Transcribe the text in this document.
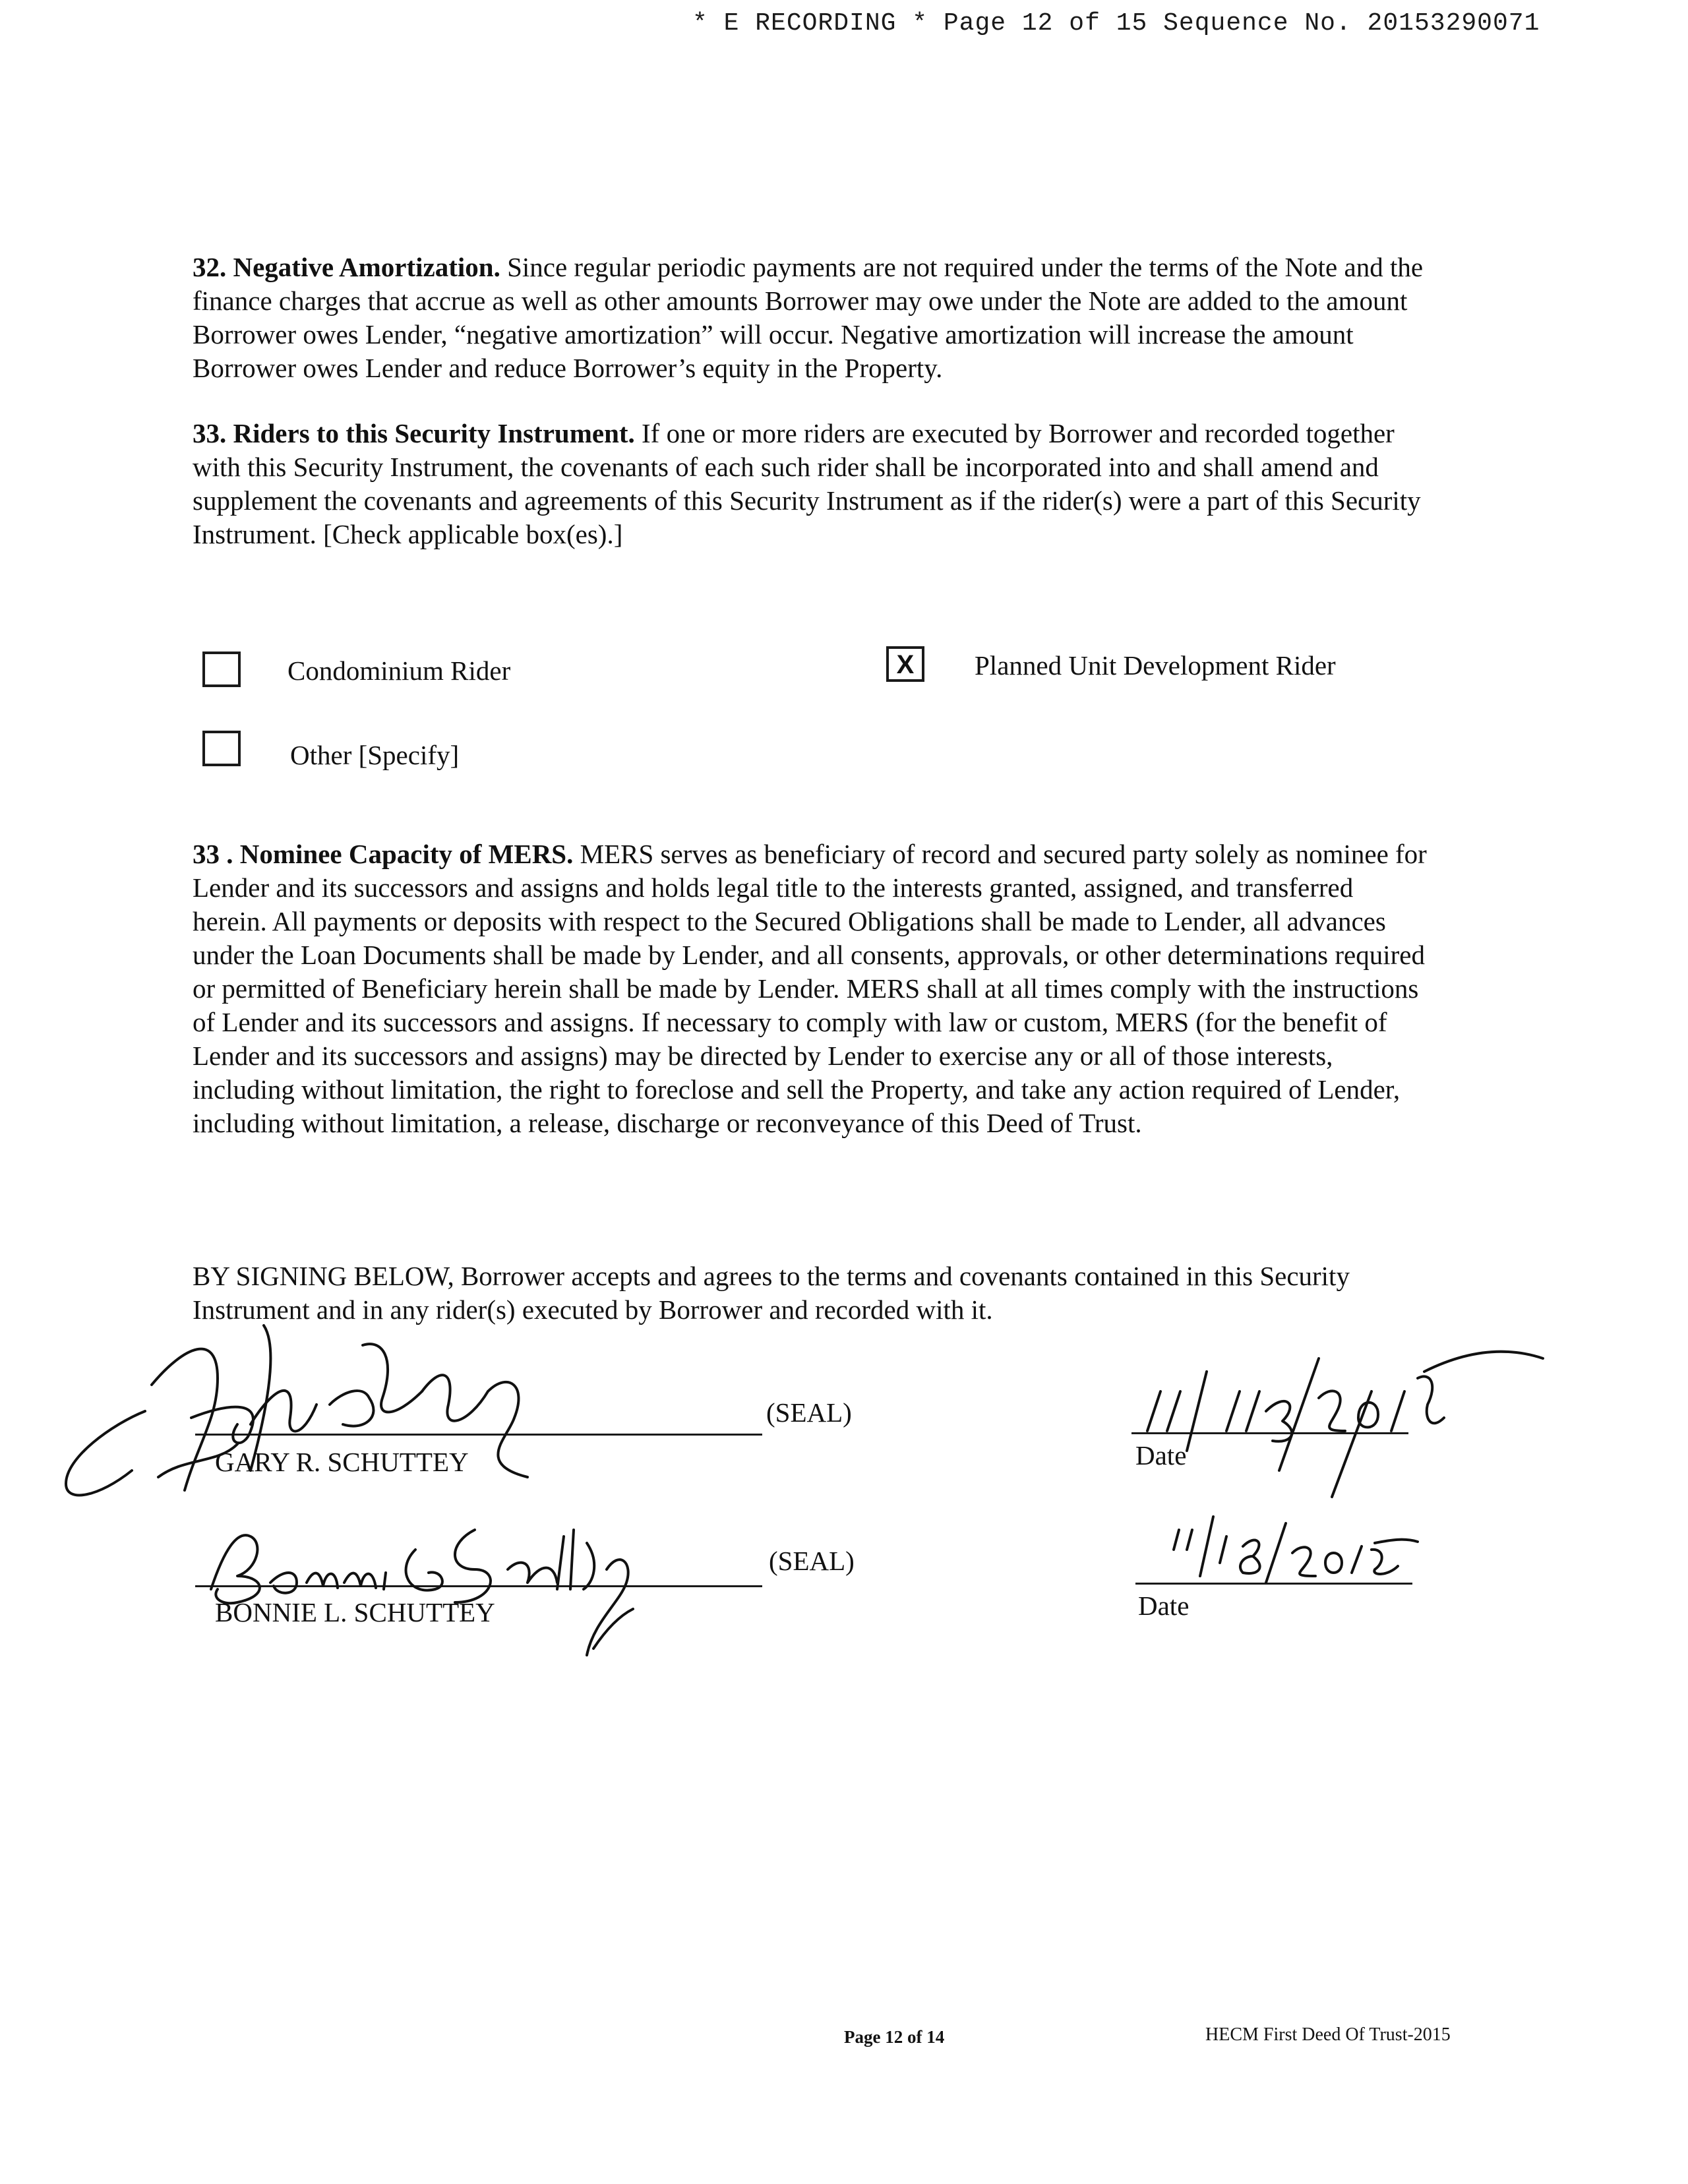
* E RECORDING * Page 12 of 15 Sequence No. 20153290071
32. Negative Amortization. Since regular periodic payments are not required under the terms of the Note and the finance charges that accrue as well as other amounts Borrower may owe under the Note are added to the amount Borrower owes Lender, “negative amortization” will occur. Negative amortization will increase the amount Borrower owes Lender and reduce Borrower’s equity in the Property.
33. Riders to this Security Instrument. If one or more riders are executed by Borrower and recorded together with this Security Instrument, the covenants of each such rider shall be incorporated into and shall amend and supplement the covenants and agreements of this Security Instrument as if the rider(s) were a part of this Security Instrument. [Check applicable box(es).]
Condominium Rider	X Planned Unit Development Rider
Other [Specify]
33 . Nominee Capacity of MERS. MERS serves as beneficiary of record and secured party solely as nominee for Lender and its successors and assigns and holds legal title to the interests granted, assigned, and transferred herein. All payments or deposits with respect to the Secured Obligations shall be made to Lender, all advances under the Loan Documents shall be made by Lender, and all consents, approvals, or other determinations required or permitted of Beneficiary herein shall be made by Lender. MERS shall at all times comply with the instructions of Lender and its successors and assigns. If necessary to comply with law or custom, MERS (for the benefit of Lender and its successors and assigns) may be directed by Lender to exercise any or all of those interests, including without limitation, the right to foreclose and sell the Property, and take any action required of Lender, including without limitation, a release, discharge or reconveyance of this Deed of Trust.
BY SIGNING BELOW, Borrower accepts and agrees to the terms and covenants contained in this Security Instrument and in any rider(s) executed by Borrower and recorded with it.
(SEAL)
GARY R. SCHUTTEY	Date
(SEAL)
BONNIE L. SCHUTTEY	Date
Page 12 of 14	HECM First Deed Of Trust-2015
